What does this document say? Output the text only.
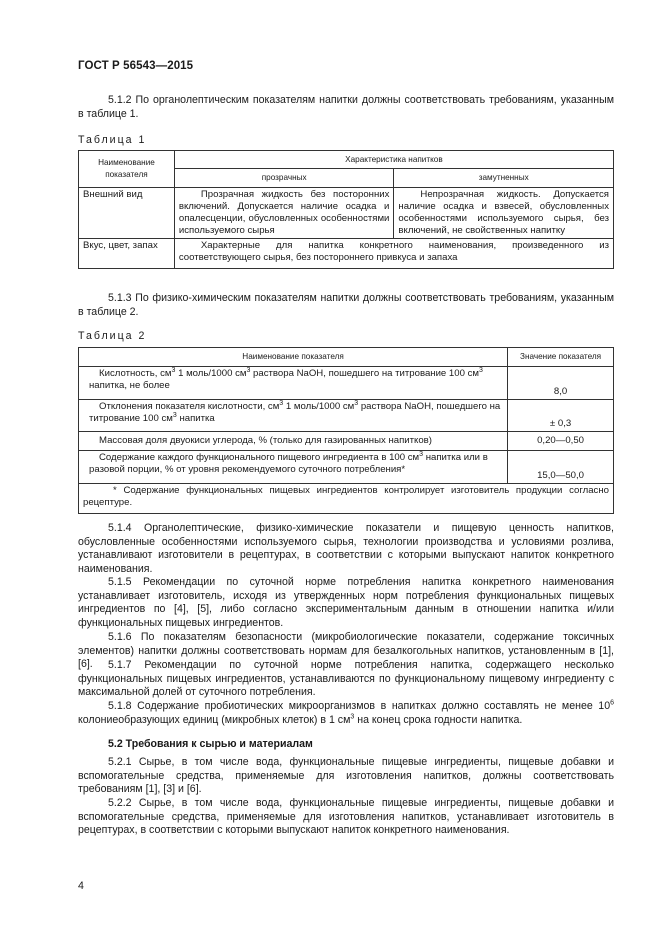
ГОСТ Р 56543—2015
5.1.2 По органолептическим показателям напитки должны соответствовать требованиям, указанным в таблице 1.
Таблица 1
Наименование показателя	Характеристика напитков	
	прозрачных	замутненных
Внешний вид	Прозрачная жидкость без посторонних включений. Допускается наличие осадка и опалесценции, обусловленных особенностями используемого сырья	Непрозрачная жидкость. Допускается наличие осадка и взвесей, обусловленных особенностями используемого сырья, без включений, не свойственных напитку
Вкус, цвет, запах	Характерные для напитка конкретного наименования, произведенного из соответствующего сырья, без постороннего привкуса и запаха	
5.1.3 По физико-химическим показателям напитки должны соответствовать требованиям, указанным в таблице 2.
Таблица 2
Наименование показателя	Значение показателя
Кислотность, $см^3$ 1 моль/1000 $см^3$ раствора NaOH, пошедшего на титрование 100 $см^3$ напитка, не более	8,0
Отклонения показателя кислотности, $см^3$ 1 моль/1000 $см^3$ раствора NaOH, пошедшего на титрование 100 $см^3$ напитка	± 0,3
Массовая доля двуокиси углерода, % (только для газированных напитков)	0,20—0,50
Содержание каждого функционального пищевого ингредиента в 100 $см^3$ напитка или в разовой порции, % от уровня рекомендуемого суточного потребления*	15,0—50,0
* Содержание функциональных пищевых ингредиентов контролирует изготовитель продукции согласно рецептуре.	
5.1.4 Органолептические, физико-химические показатели и пищевую ценность напитков, обусловленные особенностями используемого сырья, технологии производства и условиями розлива, устанавливают изготовители в рецептурах, в соответствии с которыми выпускают напиток конкретного наименования.
5.1.5 Рекомендации по суточной норме потребления напитка конкретного наименования устанавливает изготовитель, исходя из утвержденных норм потребления функциональных пищевых ингредиентов по [4], [5], либо согласно экспериментальным данным в отношении напитка и/или функциональных пищевых ингредиентов.
5.1.6 По показателям безопасности (микробиологические показатели, содержание токсичных элементов) напитки должны соответствовать нормам для безалкогольных напитков, установленным в [1], [6].	5.1.7 Рекомендации по суточной норме потребления напитка, содержащего несколько функциональных пищевых ингредиентов, устанавливаются по функциональному пищевому ингредиенту с максимальной долей от суточного потребления.
5.1.8 Содержание пробиотических микроорганизмов в напитках должно составлять не менее $10^6$ колониеобразующих единиц (микробных клеток) в 1 $см^3$ на конец срока годности напитка.
5.2 Требования к сырью и материалам
5.2.1 Сырье, в том числе вода, функциональные пищевые ингредиенты, пищевые добавки и вспомогательные средства, применяемые для изготовления напитков, должны соответствовать требованиям [1], [3] и [6].
5.2.2 Сырье, в том числе вода, функциональные пищевые ингредиенты, пищевые добавки и вспомогательные средства, применяемые для изготовления напитков, устанавливает изготовитель в рецептурах, в соответствии с которыми выпускают напиток конкретного наименования.
4
